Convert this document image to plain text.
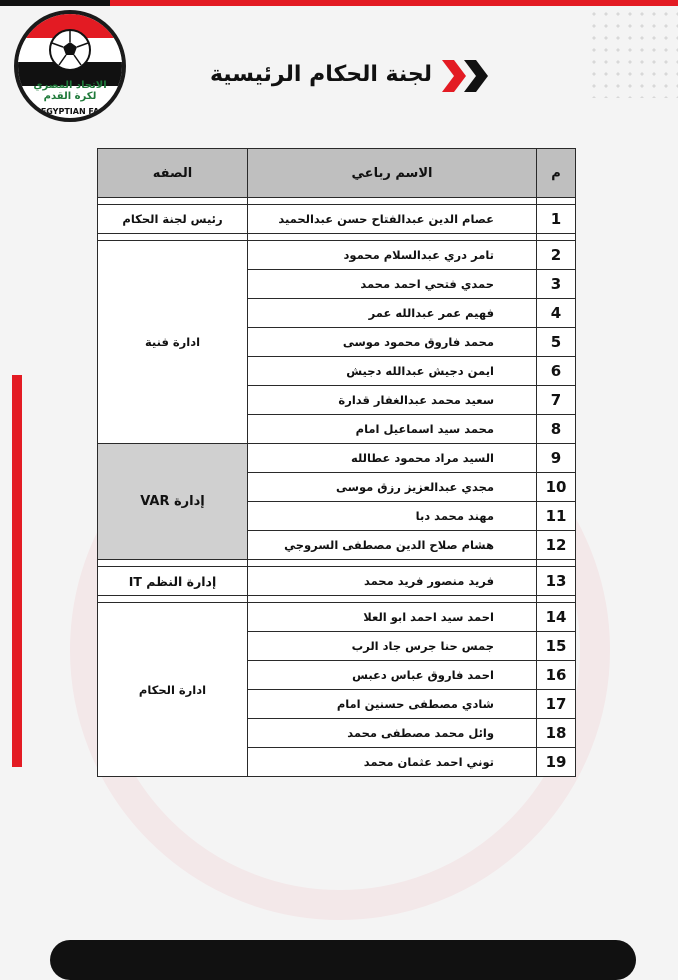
الاتحاد المصري لكرة القدم
EGYPTIAN FA
لجنة الحكام الرئيسية
الصفه	الاسم رباعي	م

رئيس لجنة الحكام	عصام الدين عبدالفتاح حسن عبدالحميد	1

ادارة فنية	تامر دري عبدالسلام محمود	2
	حمدي فتحي احمد محمد	3
	فهيم عمر عبدالله عمر	4
	محمد فاروق محمود موسى	5
	ايمن دجيش عبدالله دجيش	6
	سعيد محمد عبدالغفار قدارة	7
	محمد سيد اسماعيل امام	8
إدارة VAR	السيد مراد محمود عطالله	9
	مجدي عبدالعزيز رزق موسى	10
	مهند محمد دبا	11
	هشام صلاح الدين مصطفى السروجي	12

إدارة النظم IT	فريد منصور فريد محمد	13

ادارة الحكام	احمد سيد احمد ابو العلا	14
	جمس حنا جرس جاد الرب	15
	احمد فاروق عباس دعبس	16
	شادي مصطفى حسنين امام	17
	وائل محمد مصطفى محمد	18
	توني احمد عثمان محمد	19
